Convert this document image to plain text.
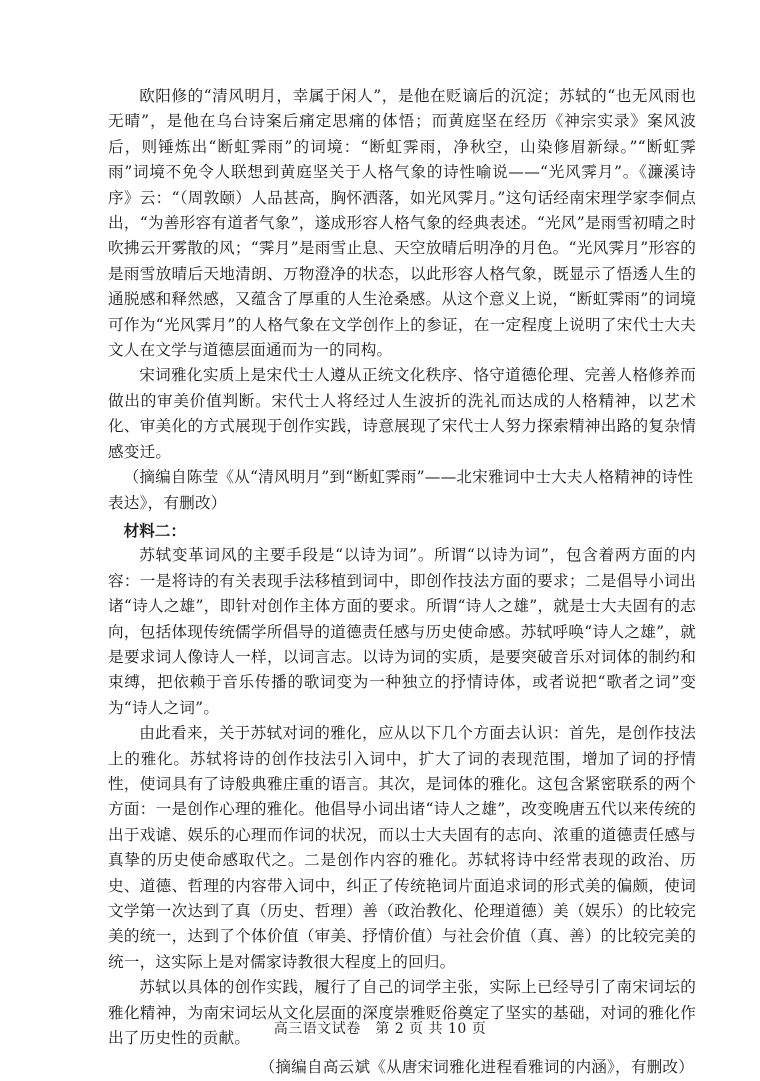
欧阳修的“清风明月，幸属于闲人”，是他在贬谪后的沉淀；苏轼的“也无风雨也无晴”，是他在乌台诗案后痛定思痛的体悟；而黄庭坚在经历《神宗实录》案风波后，则锤炼出“断虹霁雨”的词境：“断虹霁雨，净秋空，山染修眉新绿。”“断虹霁雨”词境不免令人联想到黄庭坚关于人格气象的诗性喻说——“光风霁月”。《濂溪诗序》云：“（周敦颐）人品甚高，胸怀洒落，如光风霁月。”这句话经南宋理学家李侗点出，“为善形容有道者气象”，遂成形容人格气象的经典表述。“光风”是雨雪初晴之时吹拂云开雾散的风；“霁月”是雨雪止息、天空放晴后明净的月色。“光风霁月”形容的是雨雪放晴后天地清朗、万物澄净的状态，以此形容人格气象，既显示了悟透人生的通脱感和释然感，又蕴含了厚重的人生沧桑感。从这个意义上说，“断虹霁雨”的词境可作为“光风霁月”的人格气象在文学创作上的参证，在一定程度上说明了宋代士大夫文人在文学与道德层面通而为一的同构。

宋词雅化实质上是宋代士人遵从正统文化秩序、恪守道德伦理、完善人格修养而做出的审美价值判断。宋代士人将经过人生波折的洗礼而达成的人格精神，以艺术化、审美化的方式展现于创作实践，诗意展现了宋代士人努力探索精神出路的复杂情感变迁。

（摘编自陈莹《从“清风明月”到“断虹霁雨”——北宋雅词中士大夫人格精神的诗性表达》，有删改）

材料二：

苏轼变革词风的主要手段是“以诗为词”。所谓“以诗为词”，包含着两方面的内容：一是将诗的有关表现手法移植到词中，即创作技法方面的要求；二是倡导小词出诸“诗人之雄”，即针对创作主体方面的要求。所谓“诗人之雄”，就是士大夫固有的志向，包括体现传统儒学所倡导的道德责任感与历史使命感。苏轼呼唤“诗人之雄”，就是要求词人像诗人一样，以词言志。以诗为词的实质，是要突破音乐对词体的制约和束缚，把依赖于音乐传播的歌词变为一种独立的抒情诗体，或者说把“歌者之词”变为“诗人之词”。

由此看来，关于苏轼对词的雅化，应从以下几个方面去认识：首先，是创作技法上的雅化。苏轼将诗的创作技法引入词中，扩大了词的表现范围，增加了词的抒情性，使词具有了诗般典雅庄重的语言。其次，是词体的雅化。这包含紧密联系的两个方面：一是创作心理的雅化。他倡导小词出诸“诗人之雄”，改变晚唐五代以来传统的出于戏谑、娱乐的心理而作词的状况，而以士大夫固有的志向、浓重的道德责任感与真挚的历史使命感取代之。二是创作内容的雅化。苏轼将诗中经常表现的政治、历史、道德、哲理的内容带入词中，纠正了传统艳词片面追求词的形式美的偏颇，使词文学第一次达到了真（历史、哲理）善（政治教化、伦理道德）美（娱乐）的比较完美的统一，达到了个体价值（审美、抒情价值）与社会价值（真、善）的比较完美的统一，这实际上是对儒家诗教很大程度上的回归。

苏轼以具体的创作实践，履行了自己的词学主张，实际上已经导引了南宋词坛的雅化精神，为南宋词坛从文化层面的深度崇雅贬俗奠定了坚实的基础，对词的雅化作出了历史性的贡献。

（摘编自高云斌《从唐宋词雅化进程看雅词的内涵》，有删改）

高三语文试卷　第 2 页 共 10 页
